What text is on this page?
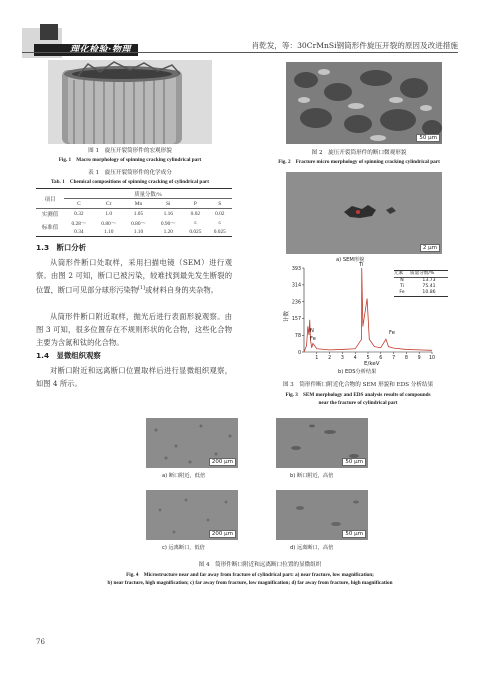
理化检验·物理	肖乾发，等：30CrMnSi钢筒形件旋压开裂的原因及改进措施
图 1　旋压开裂筒形件的宏观形貌
Fig. 1　Macro morphology of spinning cracking cylindrical part
表 1　旋压开裂筒形件的化学成分
Tab. 1　Chemical compositions of spinning cracking of cylindrical part
项目	质量分数/%					
	C	Cr	Mn	Si	P	S
实测值	0.32	1.0	1.05	1.16	0.02	0.02
标准值	0.28～	0.80～	0.80～	0.90～	≤	≤
	0.34	1.10	1.10	1.20	0.025	0.025
1.3　断口分析
从筒形件断口处取样，采用扫描电镜（SEM）进行观察。由图 2 可知，断口已被污染，较难找到最先发生断裂的位置，断口可见部分球形污染物[1]或材料自身的夹杂物。
从筒形件断口附近取样，抛光后进行表面形貌观察。由图 3 可知，很多位置存在不规则形状的化合物，这些化合物主要为含氮和钛的化合物。
1.4　显微组织观察
对断口附近和远离断口位置取样后进行显微组织观察，如图 4 所示。
50 μm
图 2　旋压开裂筒形件的断口微观形貌
Fig. 2　Fracture micro morphology of spinning cracking cylindrical part
2 μm
a) SEM形貌
计数
0
78
157
236
314
393
1 2 3 4 5 6 7 8 9 10
E/keV
Ti
N
Fe
Fe
元素	质量分数/%
N	13.73
Ti	75.41
Fe	10.86
b) EDS分析结果
图 3　筒形件断口附近化合物的 SEM 形貌和 EDS 分析结果
Fig. 3　SEM morphology and EDS analysis results of compounds
near the fracture of cylindrical part
200 μm	50 μm
a) 断口附近，低倍	b) 断口附近，高倍
200 μm	50 μm
c) 远离断口，低倍	d) 远离断口，高倍
图 4　筒形件断口附近和远离断口位置的显微组织
Fig. 4　Microstructure near and far away from fracture of cylindrical part: a) near fracture, low magnification;
b) near fracture, high magnification; c) far away from fracture, low magnification; d) far away from fracture, high magnification
76
